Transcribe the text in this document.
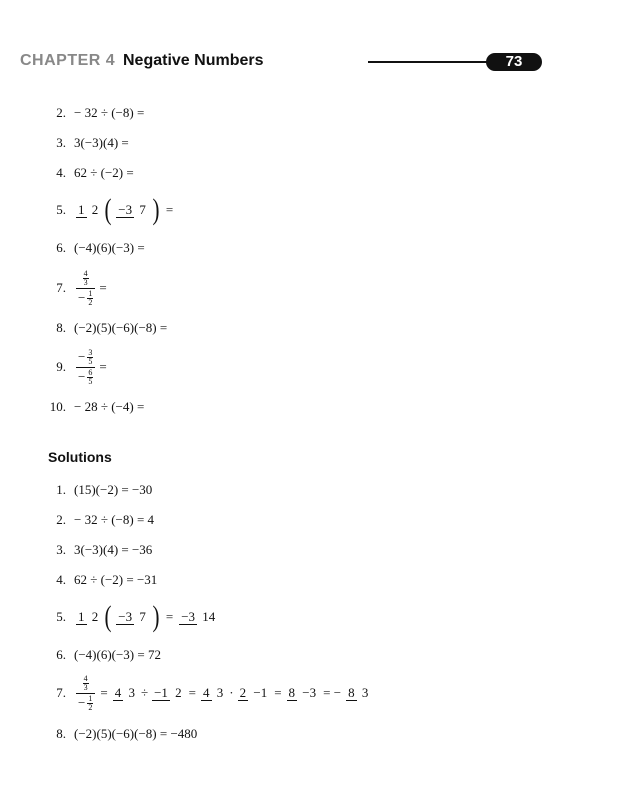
CHAPTER 4 Negative Numbers	73
2. − 32 ÷ (−8) =
3. 3(−3)(4) =
4. 62 ÷ (−2) =
5. 1 2 ( −3 7 ) =
6. (−4)(6)(−3) =
7. $\frac{\frac{4}{3}}{- \frac{1}{2}}$ =
8. (−2)(5)(−6)(−8) =
9. $\frac{- \frac{3}{5}}{- \frac{6}{5}}$ =
10. − 28 ÷ (−4) =
Solutions
1. (15)(−2) = −30
2. − 32 ÷ (−8) = 4
3. 3(−3)(4) = −36
4. 62 ÷ (−2) = −31
5. 1 2 ( −3 7 ) = −3 14
6. (−4)(6)(−3) = 72
7. $\frac{\frac{4}{3}}{- \frac{1}{2}} = 4$ 3 ÷ −1 2 = 4 3 · 2 −1 = 8 −3 = − 8 3
8. (−2)(5)(−6)(−8) = −480
